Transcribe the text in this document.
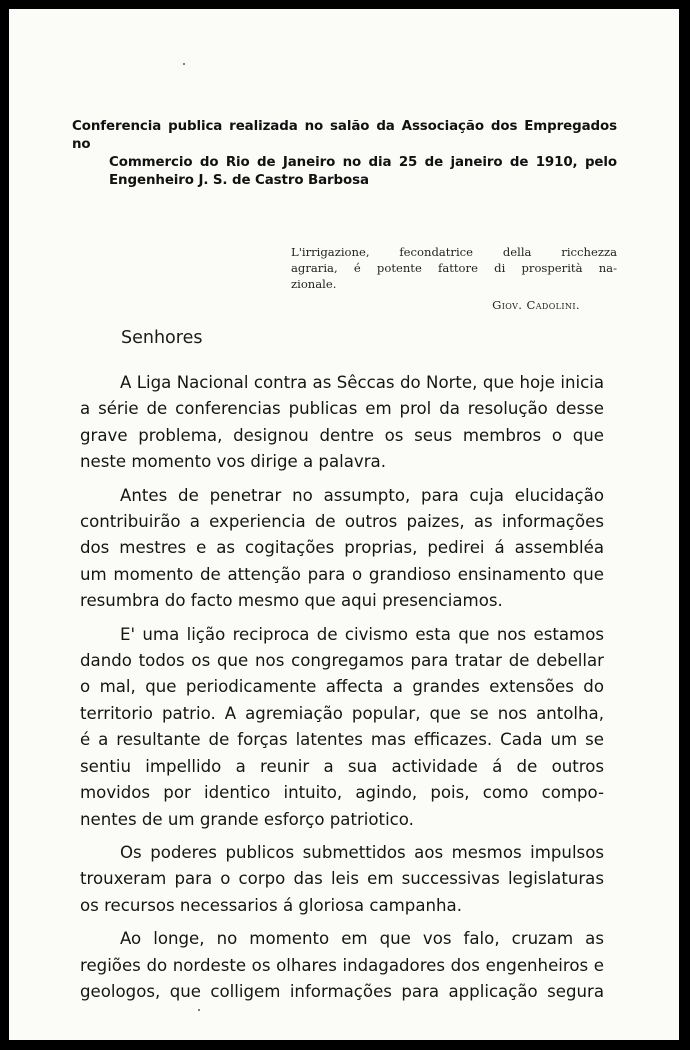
Conferencia publica realizada no salão da Associação dos Empregados no
Commercio do Rio de Janeiro no dia 25 de janeiro de 1910, pelo
Engenheiro J. S. de Castro Barbosa
L'irrigazione, fecondatrice della ricchezza
agraria, é potente fattore di prosperità na-
zionale.
Giov. Cadolini.
Senhores
A Liga Nacional contra as Sêccas do Norte, que hoje inicia
a série de conferencias publicas em prol da resolução desse
grave problema, designou dentre os seus membros o que
neste momento vos dirige a palavra.
Antes de penetrar no assumpto, para cuja elucidação
contribuirão a experiencia de outros paizes, as informações
dos mestres e as cogitações proprias, pedirei á assembléa
um momento de attenção para o grandioso ensinamento que
resumbra do facto mesmo que aqui presenciamos.
E' uma lição reciproca de civismo esta que nos estamos
dando todos os que nos congregamos para tratar de debellar
o mal, que periodicamente affecta a grandes extensões do
territorio patrio. A agremiação popular, que se nos antolha,
é a resultante de forças latentes mas efficazes. Cada um se
sentiu impellido a reunir a sua actividade á de outros
movidos por identico intuito, agindo, pois, como compo-
nentes de um grande esforço patriotico.
Os poderes publicos submettidos aos mesmos impulsos
trouxeram para o corpo das leis em successivas legislaturas
os recursos necessarios á gloriosa campanha.
Ao longe, no momento em que vos falo, cruzam as
regiões do nordeste os olhares indagadores dos engenheiros e
geologos, que colligem informações para applicação segura
